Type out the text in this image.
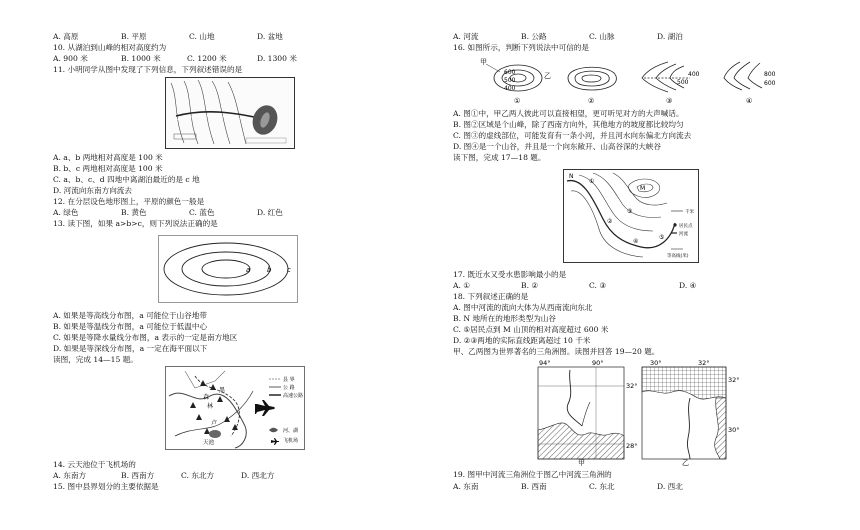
A. 高原	B. 平原	C. 山地	D. 盆地
10. 从湖泊到山峰的相对高度约为
A. 900 米	B. 1000 米	C. 1200 米	D. 1300 米
11. 小明同学从图中发现了下列信息，下列叙述错误的是
A. a、b 两地相对高度是 100 米
B. b、c 两地相对高度是 100 米
C. a、b、c、d 四地中离湖泊最近的是 c 地
D. 河流向东南方向流去
12. 在分层设色地形图上，平原的颜色一般是
A. 绿色	B. 黄色	C. 蓝色	D. 红色
13. 读下图，如果 a>b>c，则下列说法正确的是
a b c
A. 如果是等高线分布图，a 可能位于山谷地带
B. 如果是等温线分布图，a 可能位于低温中心
C. 如果是等降水量线分布图，a 表示的一定是南方地区
D. 如果是等深线分布图，a 一定在海平面以下
读图，完成 14—15 题。
黑
森
林
卢
天池
县 界
公 路
高速公路
河、湖
飞机场
14. 云天池位于飞机场的
A. 东南方	B. 西南方	C. 东北方	D. 西北方
15. 图中县界划分的主要依据是
A. 河流	B. 公路	C. 山脉	D. 湖泊
16. 如图所示，判断下列说法中可信的是
甲
600
500
400
乙
①	②
500
400
③
800
600
④
A. 图①中，甲乙两人彼此可以直接相望，更可听见对方的大声喊话。
B. 图②区域是个山峰，除了西南方向外，其他地方的坡度都比较均匀
C. 图③的虚线部位，可能发育有一条小河，并且河水向东偏北方向流去
D. 图④是一个山谷，并且是一个向东敞开、山高谷深的大峡谷
读下图，完成 17—18 题。
N
M
①
②
③
④
⑤
千米
居民点
河流
等高线(米)
17. 既近水又受水患影响最小的是
A. ①	B. ②	C. ③	D. ④
18. 下列叙述正确的是
A. 图中河流的流向大体为从西南流向东北
B. N 地所在的地形类型为山谷
C. ⑤居民点到 M 山顶的相对高度超过 600 米
D. ②③两地的实际直线距离超过 10 千米
甲、乙两图为世界著名的三角洲图。读图并回答 19—20 题。
94°	90°
32°
28°
甲
30°	32°
32°
30°
乙
19. 图甲中河流三角洲位于图乙中河流三角洲的
A. 东南	B. 西南	C. 东北	D. 西北
